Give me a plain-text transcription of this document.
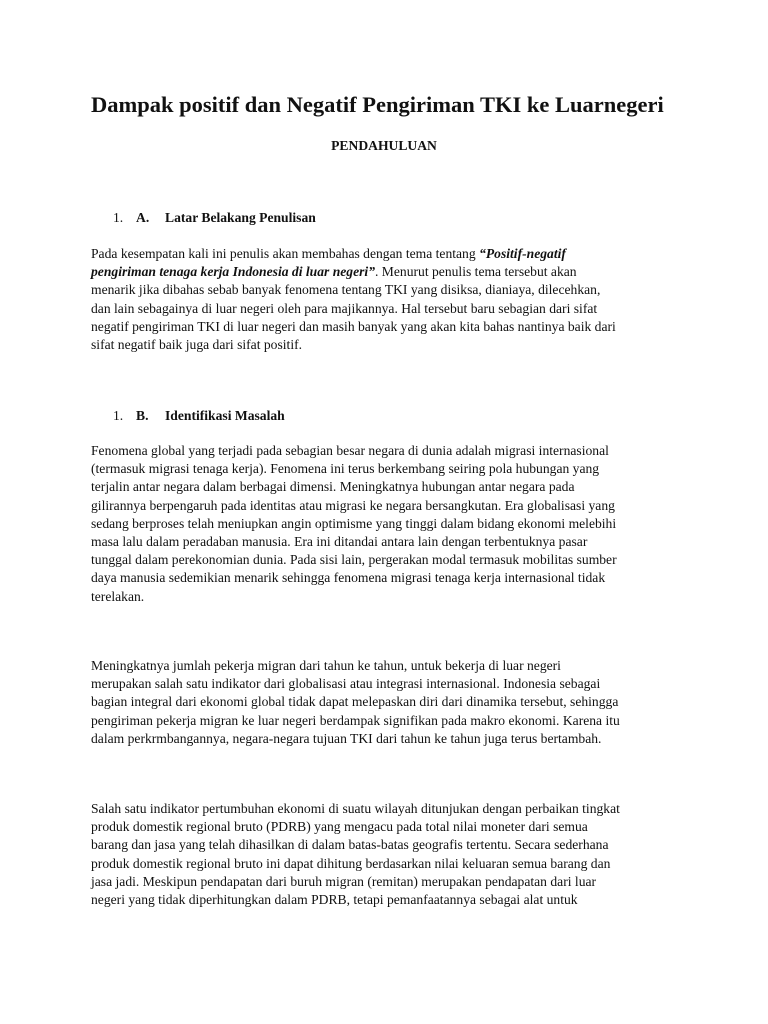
Dampak positif dan Negatif Pengiriman TKI ke Luarnegeri
PENDAHULUAN
1. A. Latar Belakang Penulisan
Pada kesempatan kali ini penulis akan membahas dengan tema tentang “Positif-negatif
pengiriman tenaga kerja Indonesia di luar negeri”. Menurut penulis tema tersebut akan
menarik jika dibahas sebab banyak fenomena tentang TKI yang disiksa, dianiaya, dilecehkan,
dan lain sebagainya di luar negeri oleh para majikannya. Hal tersebut baru sebagian dari sifat
negatif pengiriman TKI di luar negeri dan masih banyak yang akan kita bahas nantinya baik dari
sifat negatif baik juga dari sifat positif.
1. B. Identifikasi Masalah
Fenomena global yang terjadi pada sebagian besar negara di dunia adalah migrasi internasional
(termasuk migrasi tenaga kerja). Fenomena ini terus berkembang seiring pola hubungan yang
terjalin antar negara dalam berbagai dimensi. Meningkatnya hubungan antar negara pada
gilirannya berpengaruh pada identitas atau migrasi ke negara bersangkutan. Era globalisasi yang
sedang berproses telah meniupkan angin optimisme yang tinggi dalam bidang ekonomi melebihi
masa lalu dalam peradaban manusia. Era ini ditandai antara lain dengan terbentuknya pasar
tunggal dalam perekonomian dunia. Pada sisi lain, pergerakan modal termasuk mobilitas sumber
daya manusia sedemikian menarik sehingga fenomena migrasi tenaga kerja internasional tidak
terelakan.
Meningkatnya jumlah pekerja migran dari tahun ke tahun, untuk bekerja di luar negeri
merupakan salah satu indikator dari globalisasi atau integrasi internasional. Indonesia sebagai
bagian integral dari ekonomi global tidak dapat melepaskan diri dari dinamika tersebut, sehingga
pengiriman pekerja migran ke luar negeri berdampak signifikan pada makro ekonomi. Karena itu
dalam perkrmbangannya, negara-negara tujuan TKI dari tahun ke tahun juga terus bertambah.
Salah satu indikator pertumbuhan ekonomi di suatu wilayah ditunjukan dengan perbaikan tingkat
produk domestik regional bruto (PDRB) yang mengacu pada total nilai moneter dari semua
barang dan jasa yang telah dihasilkan di dalam batas-batas geografis tertentu. Secara sederhana
produk domestik regional bruto ini dapat dihitung berdasarkan nilai keluaran semua barang dan
jasa jadi. Meskipun pendapatan dari buruh migran (remitan) merupakan pendapatan dari luar
negeri yang tidak diperhitungkan dalam PDRB, tetapi pemanfaatannya sebagai alat untuk
